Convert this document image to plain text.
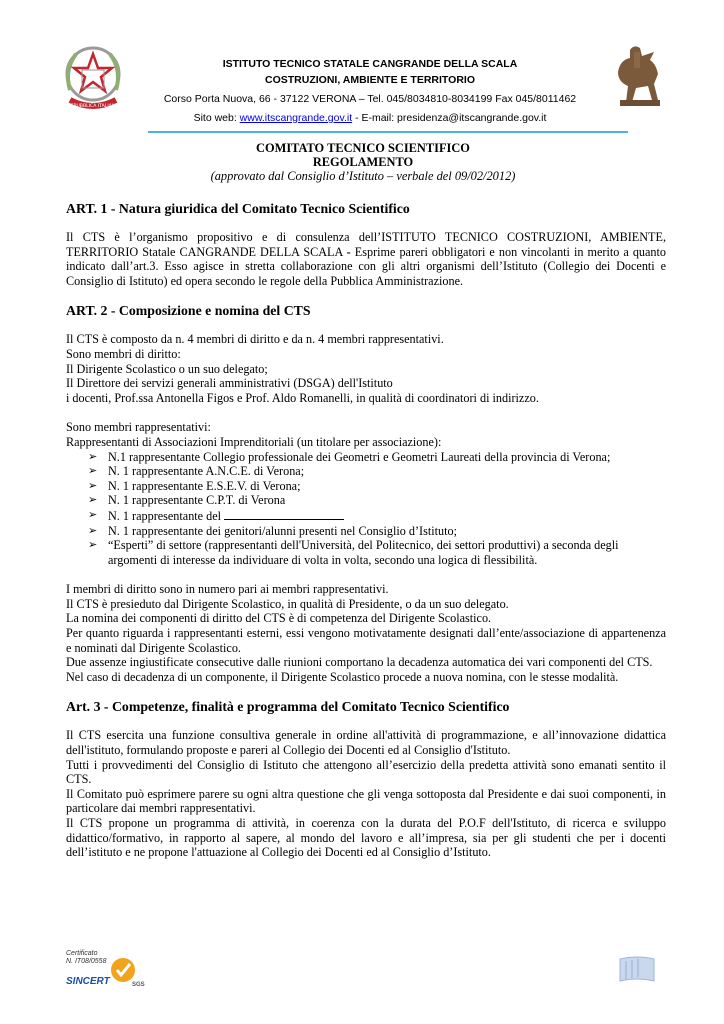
REPUBBLICA ITALIANA
ISTITUTO TECNICO STATALE CANGRANDE DELLA SCALA
COSTRUZIONI, AMBIENTE E TERRITORIO
Corso Porta Nuova, 66 - 37122 VERONA – Tel. 045/8034810-8034199 Fax 045/8011462
Sito web: www.itscangrande.gov.it - E-mail: presidenza@itscangrande.gov.it
COMITATO TECNICO SCIENTIFICO
REGOLAMENTO
(approvato dal Consiglio d’Istituto – verbale del 09/02/2012)
ART. 1 - Natura giuridica del Comitato Tecnico Scientifico

Il CTS è l’organismo propositivo e di consulenza dell’ISTITUTO TECNICO COSTRUZIONI, AMBIENTE, TERRITORIO Statale CANGRANDE DELLA SCALA - Esprime pareri obbligatori e non vincolanti in merito a quanto indicato dall’art.3. Esso agisce in stretta collaborazione con gli altri organismi dell’Istituto (Collegio dei Docenti e Consiglio di Istituto) ed opera secondo le regole della Pubblica Amministrazione.

ART. 2 - Composizione e nomina del CTS

Il CTS è composto da n. 4 membri di diritto e da n. 4 membri rappresentativi.

Sono membri di diritto:

Il Dirigente Scolastico o un suo delegato;

Il Direttore dei servizi generali amministrativi (DSGA) dell'Istituto

i docenti, Prof.ssa Antonella Figos e Prof. Aldo Romanelli, in qualità di coordinatori di indirizzo.

Sono membri rappresentativi:

Rappresentanti di Associazioni Imprenditoriali (un titolare per associazione):

➢ N.1 rappresentante Collegio professionale dei Geometri e Geometri Laureati della provincia di Verona;
➢ N. 1 rappresentante A.N.C.E. di Verona;
➢ N. 1 rappresentante E.S.E.V. di Verona;
➢ N. 1 rappresentante C.P.T. di Verona
➢ N. 1 rappresentante del
➢ N. 1 rappresentante dei genitori/alunni presenti nel Consiglio d’Istituto;
➢ “Esperti” di settore (rappresentanti dell'Università, del Politecnico, dei settori produttivi) a seconda degli argomenti di interesse da individuare di volta in volta, secondo una logica di flessibilità.

I membri di diritto sono in numero pari ai membri rappresentativi.

Il CTS è presieduto dal Dirigente Scolastico, in qualità di Presidente, o da un suo delegato.

La nomina dei componenti di diritto del CTS è di competenza del Dirigente Scolastico.

Per quanto riguarda i rappresentanti esterni, essi vengono motivatamente designati dall’ente/associazione di appartenenza e nominati dal Dirigente Scolastico.

Due assenze ingiustificate consecutive dalle riunioni comportano la decadenza automatica dei vari componenti del CTS.

Nel caso di decadenza di un componente, il Dirigente Scolastico procede a nuova nomina, con le stesse modalità.

Art. 3 - Competenze, finalità e programma del Comitato Tecnico Scientifico

Il CTS esercita una funzione consultiva generale in ordine all'attività di programmazione, e all’innovazione didattica dell'istituto, formulando proposte e pareri al Collegio dei Docenti ed al Consiglio d'Istituto.

Tutti i provvedimenti del Consiglio di Istituto che attengono all’esercizio della predetta attività sono emanati sentito il CTS.

Il Comitato può esprimere parere su ogni altra questione che gli venga sottoposta dal Presidente e dai suoi componenti, in particolare dai membri rappresentativi.

Il CTS propone un programma di attività, in coerenza con la durata del P.O.F dell'Istituto, di ricerca e sviluppo didattico/formativo, in rapporto al sapere, al mondo del lavoro e all’impresa, sia per gli studenti che per i docenti dell’istituto e ne propone l'attuazione al Collegio dei Docenti ed al Consiglio d’Istituto.

Certificato
N. IT08/0558
SINCERT	SGS
